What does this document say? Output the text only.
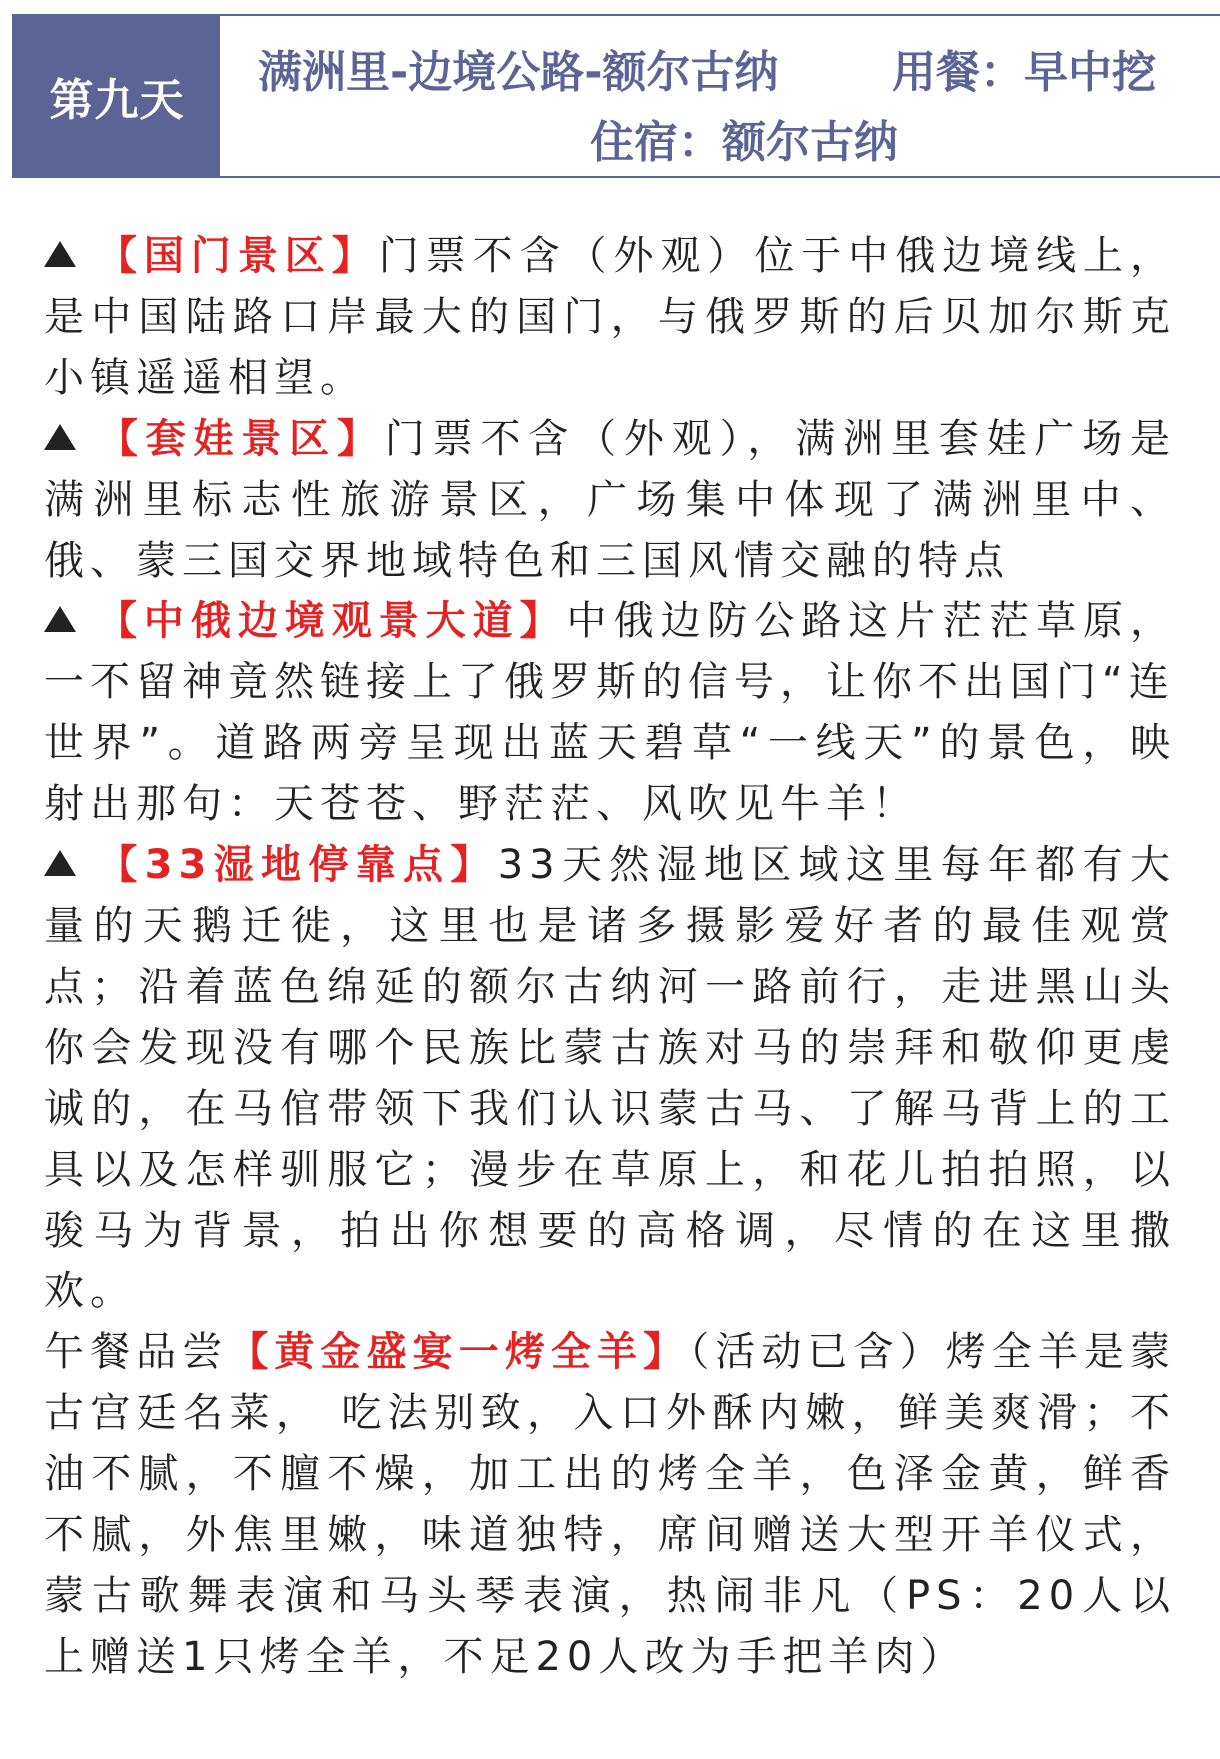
第九天
满洲里-边境公路-额尔古纳	用餐：早中挖
住宿：额尔古纳

【国门景区】门票不含（外观）位于中俄边境线上，是中国陆路口岸最大的国门，与俄罗斯的后贝加尔斯克小镇遥遥相望。

【套娃景区】门票不含（外观），满洲里套娃广场是满洲里标志性旅游景区，广场集中体现了满洲里中、俄、蒙三国交界地域特色和三国风情交融的特点

【中俄边境观景大道】中俄边防公路这片茫茫草原，一不留神竟然链接上了俄罗斯的信号，让你不出国门“连
世界”。道路两旁呈现出蓝天碧草“一线天”的景色，映射出那句：天苍苍、野茫茫、风吹见牛羊！

【33湿地停靠点】33天然湿地区域这里每年都有大量的天鹅迁徙，这里也是诸多摄影爱好者的最佳观赏点；沿着蓝色绵延的额尔古纳河一路前行，走进黑山头你会发现没有哪个民族比蒙古族对马的崇拜和敬仰更虔诚的，在马倌带领下我们认识蒙古马、了解马背上的工具以及怎样驯服它；漫步在草原上，和花儿拍拍照，以骏马为背景，拍出你想要的高格调，尽情的在这里撒欢。

午餐品尝【黄金盛宴一烤全羊】（活动已含）烤全羊是蒙古宫廷名菜， 吃法别致，入口外酥内嫩，鲜美爽滑；不油不腻，不膻不燥，加工出的烤全羊，色泽金黄，鲜香不腻，外焦里嫩，味道独特，席间赠送大型开羊仪式，蒙古歌舞表演和马头琴表演，热闹非凡（PS：20人以上赠送1只烤全羊，不足20人改为手把羊肉）
